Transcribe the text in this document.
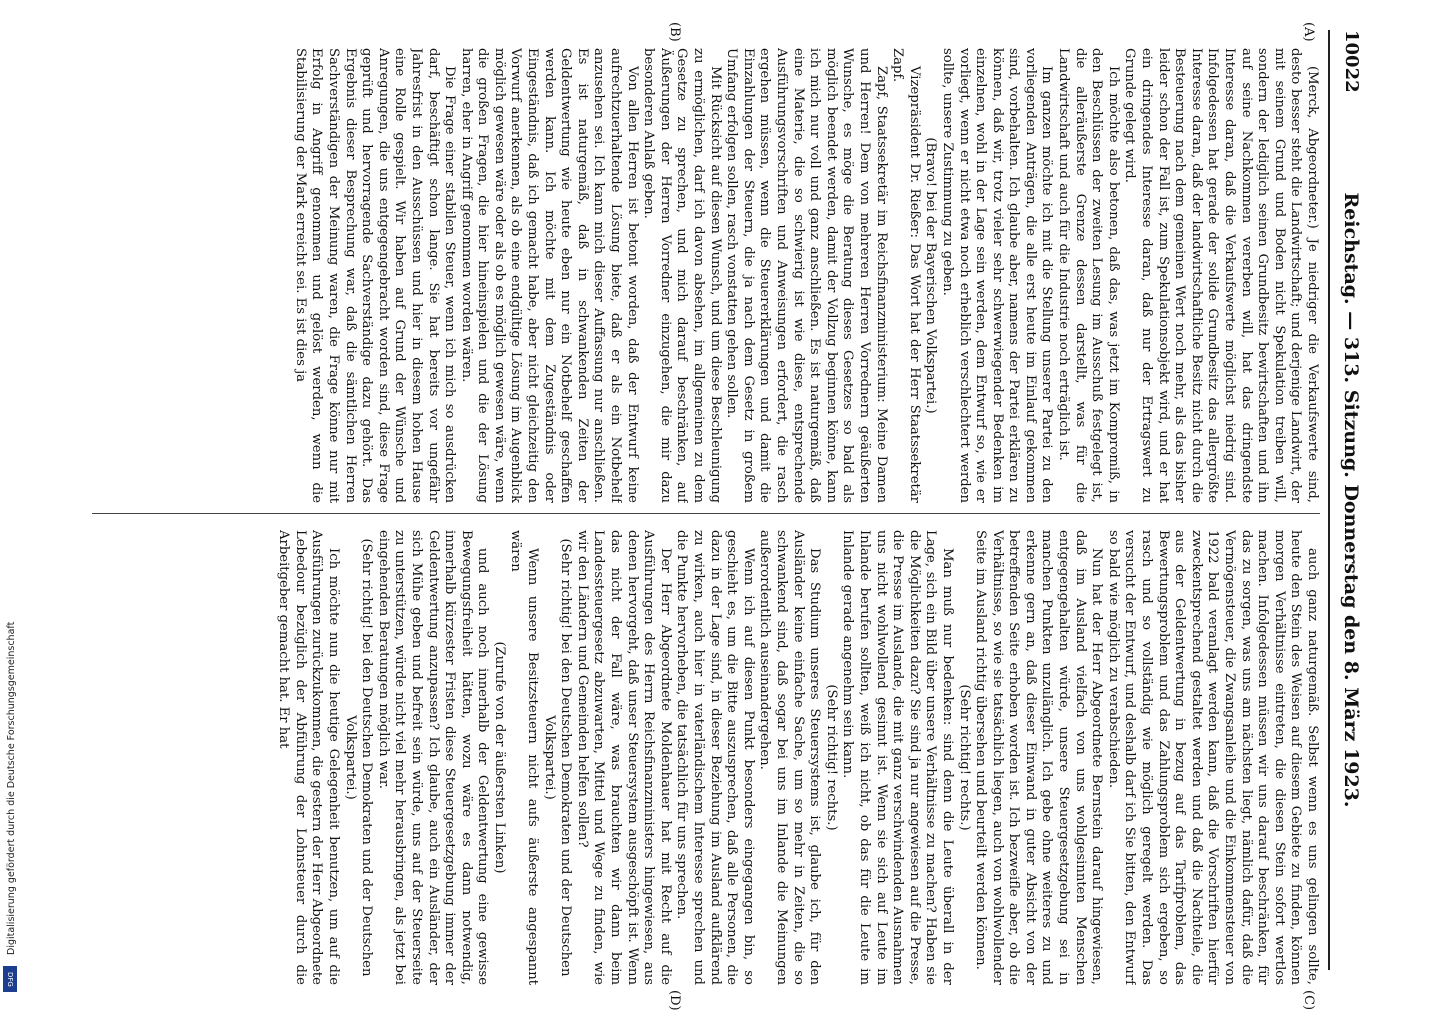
Digitalisierung gefördert durch die Deutsche Forschungsgemeinschaft
DFG
10022
Reichstag. — 313. Sitzung. Donnerstag den 8. März 1923.
(A)
(B)
(C)
(D)

(Merck, Abgeordneter.) Je niedriger die Verkaufswerte sind, desto besser steht die Landwirtschaft; und derjenige Landwirt, der mit seinem Grund und Boden nicht Spekulation treiben will, sondern der lediglich seinen Grundbesitz bewirtschaften und ihn auf seine Nachkommen vererben will, hat das dringendste Interesse daran, daß die Verkaufswerte möglichst niedrig sind. Infolgedessen hat gerade der solide Grundbesitz das allergrößte Interesse daran, daß der landwirtschaftliche Besitz nicht durch die Besteuerung nach dem gemeinen Wert noch mehr, als das bisher leider schon der Fall ist, zum Spekulationsobjekt wird, und er hat ein dringendes Interesse daran, daß nur der Ertragswert zu Grunde gelegt wird.

Ich möchte also betonen, daß das, was jetzt im Kompromiß, in den Beschlüssen der zweiten Lesung im Ausschuß festgelegt ist, die alleräußerste Grenze dessen darstellt, was für die Landwirtschaft und auch für die Industrie noch erträglich ist.

Im ganzen möchte ich mit die Stellung unserer Partei zu den vorliegenden Anträgen, die alle erst heute im Einlauf gekommen sind, vorbehalten. Ich glaube aber, namens der Partei erklären zu können, daß wir, trotz vieler sehr schwerwiegender Bedenken im einzelnen, wohl in der Lage sein werden, dem Entwurf so, wie er vorliegt, wenn er nicht etwa noch erheblich verschlechtert werden sollte, unsere Zustimmung zu geben.

(Bravo! bei der Bayerischen Volkspartei.)

Vizepräsident Dr. Rießer: Das Wort hat der Herr Staatssekretär Zapf.

Zapf, Staatssekretär im Reichsfinanzministerium: Meine Damen und Herren! Dem von mehreren Herren Vorrednern geäußerten Wunsche, es möge die Beratung dieses Gesetzes so bald als möglich beendet werden, damit der Vollzug beginnen könne, kann ich mich nur voll und ganz anschließen. Es ist naturgemäß, daß eine Materie, die so schwierig ist wie diese, entsprechende Ausführungsvorschriften und Anweisungen erfordert, die rasch ergehen müssen, wenn die Steuererklärungen und damit die Einzahlungen der Steuern, die ja nach dem Gesetz in großem Umfang erfolgen sollen, rasch vonstatten gehen sollen.

Mit Rücksicht auf diesen Wunsch, und um diese Beschleunigung zu ermöglichen, darf ich davon absehen, im allgemeinen zu dem Gesetze zu sprechen, und mich darauf beschränken, auf Äußerungen der Herren Vorredner einzugehen, die mir dazu besonderen Anlaß geben.

Von allen Herren ist betont worden, daß der Entwurf keine aufrechtzuerhaltende Lösung biete, daß er als ein Notbehelf anzusehen sei. Ich kann mich dieser Auffassung nur anschließen. Es ist naturgemäß, daß in schwankenden Zeiten der Geldentwertung wie heute eben nur ein Notbehelf geschaffen werden kann. Ich möchte mit dem Zugeständnis oder Eingeständnis, daß ich gemacht habe, aber nicht gleichzeitig den Vorwurf anerkennen, als ob eine endgültige Lösung im Augenblick möglich gewesen wäre oder als ob es möglich gewesen wäre, wenn die großen Fragen, die hier hineinspielen und die der Lösung harren, eher in Angriff genommen worden wären.

Die Frage einer stabilen Steuer, wenn ich mich so ausdrücken darf, beschäftigt schon lange. Sie hat bereits vor ungefähr Jahresfrist in den Ausschüssen und hier in diesem hohen Hause eine Rolle gespielt. Wir haben auf Grund der Wünsche und Anregungen, die uns entgegengebracht worden sind, diese Frage geprüft und hervorragende Sachverständige dazu gehört. Das Ergebnis dieser Besprechung war, daß die sämtlichen Herren Sachverständigen der Meinung waren, die Frage könne nur mit Erfolg in Angriff genommen und gelöst werden, wenn die Stabilisierung der Mark erreicht sei. Es ist dies ja

auch ganz naturgemäß. Selbst wenn es uns gelingen sollte, heute den Stein des Weisen auf diesem Gebiete zu finden, können morgen Verhältnisse eintreten, die diesen Stein sofort wertlos machen. Infolgedessen müssen wir uns darauf beschränken, für das zu sorgen, was uns am nächsten liegt, nämlich dafür, daß die Vermögensteuer, die Zwangsanleihe und die Einkommensteuer von 1922 bald veranlagt werden kann, daß die Vorschriften hierfür zweckentsprechend gestaltet werden und daß die Nachteile, die aus der Geldentwertung in bezug auf das Tarifproblem, das Bewertungsproblem und das Zahlungsproblem sich ergeben, so rasch und so vollständig wie möglich geregelt werden. Das versucht der Entwurf, und deshalb darf ich Sie bitten, den Entwurf so bald wie möglich zu verabschieden.

Nun hat der Herr Abgeordnete Bernstein darauf hingewiesen, daß im Ausland vielfach von uns wohlgesinnten Menschen entgegengehalten würde, unsere Steuergesetzgebung sei in manchen Punkten unzulänglich. Ich gebe ohne weiteres zu und erkenne gern an, daß dieser Einwand in guter Absicht von der betreffenden Seite erhoben worden ist. Ich bezweifle aber, ob die Verhältnisse, so wie sie tatsächlich liegen, auch von wohlwollender Seite im Ausland richtig übersehen und beurteilt werden können.

(Sehr richtig! rechts.)

Man muß nur bedenken: sind denn die Leute überall in der Lage, sich ein Bild über unsere Verhältnisse zu machen? Haben sie die Möglichkeiten dazu? Sie sind ja nur angewiesen auf die Presse, die Presse im Auslande, die mit ganz verschwindenden Ausnahmen uns nicht wohlwollend gesinnt ist. Wenn sie sich auf Leute im Inlande berufen sollten, weiß ich nicht, ob das für die Leute im Inlande gerade angenehm sein kann.

(Sehr richtig! rechts.)

Das Studium unseres Steuersystems ist, glaube ich, für den Ausländer keine einfache Sache, um so mehr in Zeiten, die so schwankend sind, daß sogar bei uns im Inlande die Meinungen außerordentlich auseinandergehen.

Wenn ich auf diesen Punkt besonders eingegangen bin, so geschieht es, um die Bitte auszusprechen, daß alle Personen, die dazu in der Lage sind, in dieser Beziehung im Ausland aufklärend zu wirken, auch hier in vaterländischem Interesse sprechen und die Punkte hervorheben, die tatsächlich für uns sprechen.

Der Herr Abgeordnete Moldenhauer hat mit Recht auf die Ausführungen des Herrn Reichsfinanzministers hingewiesen, aus denen hervorgeht, daß unser Steuersystem ausgeschöpft ist. Wenn das nicht der Fall wäre, was brauchten wir dann beim Landessteuergesetz abzuwarten, Mittel und Wege zu finden, wie wir den Ländern und Gemeinden helfen sollen?

(Sehr richtig! bei den Deutschen Demokraten und der Deutschen Volkspartei.)

Wenn unsere Besitzsteuern nicht aufs äußerste angespannt wären

(Zurufe von der äußersten Linken)

und auch noch innerhalb der Geldentwertung eine gewisse Bewegungsfreiheit hätten, wozu wäre es dann notwendig, innerhalb kürzester Fristen diese Steuergesetzgebung immer der Geldentwertung anzupassen? Ich glaube, auch ein Ausländer, der sich Mühe geben und befreit sein würde, uns auf der Steuerseite zu unterstützen, würde nicht viel mehr herausbringen, als jetzt bei eingehenden Beratungen möglich war.

(Sehr richtig! bei den Deutschen Demokraten und der Deutschen Volkspartei.)

Ich möchte nun die heutige Gelegenheit benutzen, um auf die Ausführungen zurückzukommen, die gestern der Herr Abgeordnete Lebedour bezüglich der Abführung der Lohnsteuer durch die Arbeitgeber gemacht hat. Er hat
